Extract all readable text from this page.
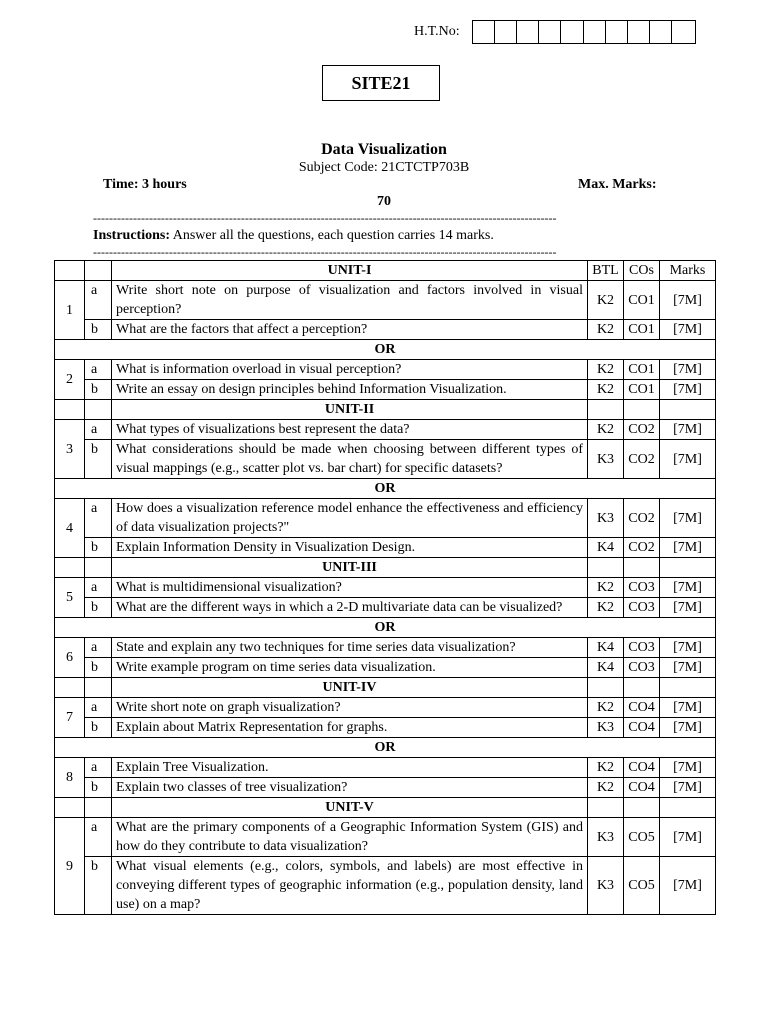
H.T.No:
SITE21
Data Visualization
Subject Code: 21CTCTP703B
Time: 3 hours	Max. Marks:
70
--------------------------------------------------------------------------------------------------------------------
Instructions: Answer all the questions, each question carries 14 marks.
--------------------------------------------------------------------------------------------------------------------
		UNIT-I	BTL	COs	Marks
1	a	Write short note on purpose of visualization and factors involved in visual perception?	K2	CO1	[7M]
	b	What are the factors that affect a perception?	K2	CO1	[7M]
OR					
2	a	What is information overload in visual perception?	K2	CO1	[7M]
	b	Write an essay on design principles behind Information Visualization.	K2	CO1	[7M]
		UNIT-II			
3	a	What types of visualizations best represent the data?	K2	CO2	[7M]
	b	What considerations should be made when choosing between different types of visual mappings (e.g., scatter plot vs. bar chart) for specific datasets?	K3	CO2	[7M]
OR					
4	a	How does a visualization reference model enhance the effectiveness and efficiency of data visualization projects?"	K3	CO2	[7M]
	b	Explain Information Density in Visualization Design.	K4	CO2	[7M]
		UNIT-III			
5	a	What is multidimensional visualization?	K2	CO3	[7M]
	b	What are the different ways in which a 2-D multivariate data can be visualized?	K2	CO3	[7M]
OR					
6	a	State and explain any two techniques for time series data visualization?	K4	CO3	[7M]
	b	Write example program on time series data visualization.	K4	CO3	[7M]
		UNIT-IV			
7	a	Write short note on graph visualization?	K2	CO4	[7M]
	b	Explain about Matrix Representation for graphs.	K3	CO4	[7M]
OR					
8	a	Explain Tree Visualization.	K2	CO4	[7M]
	b	Explain two classes of tree visualization?	K2	CO4	[7M]
		UNIT-V			
9	a	What are the primary components of a Geographic Information System (GIS) and how do they contribute to data visualization?	K3	CO5	[7M]
	b	What visual elements (e.g., colors, symbols, and labels) are most effective in conveying different types of geographic information (e.g., population density, land use) on a map?	K3	CO5	[7M]
